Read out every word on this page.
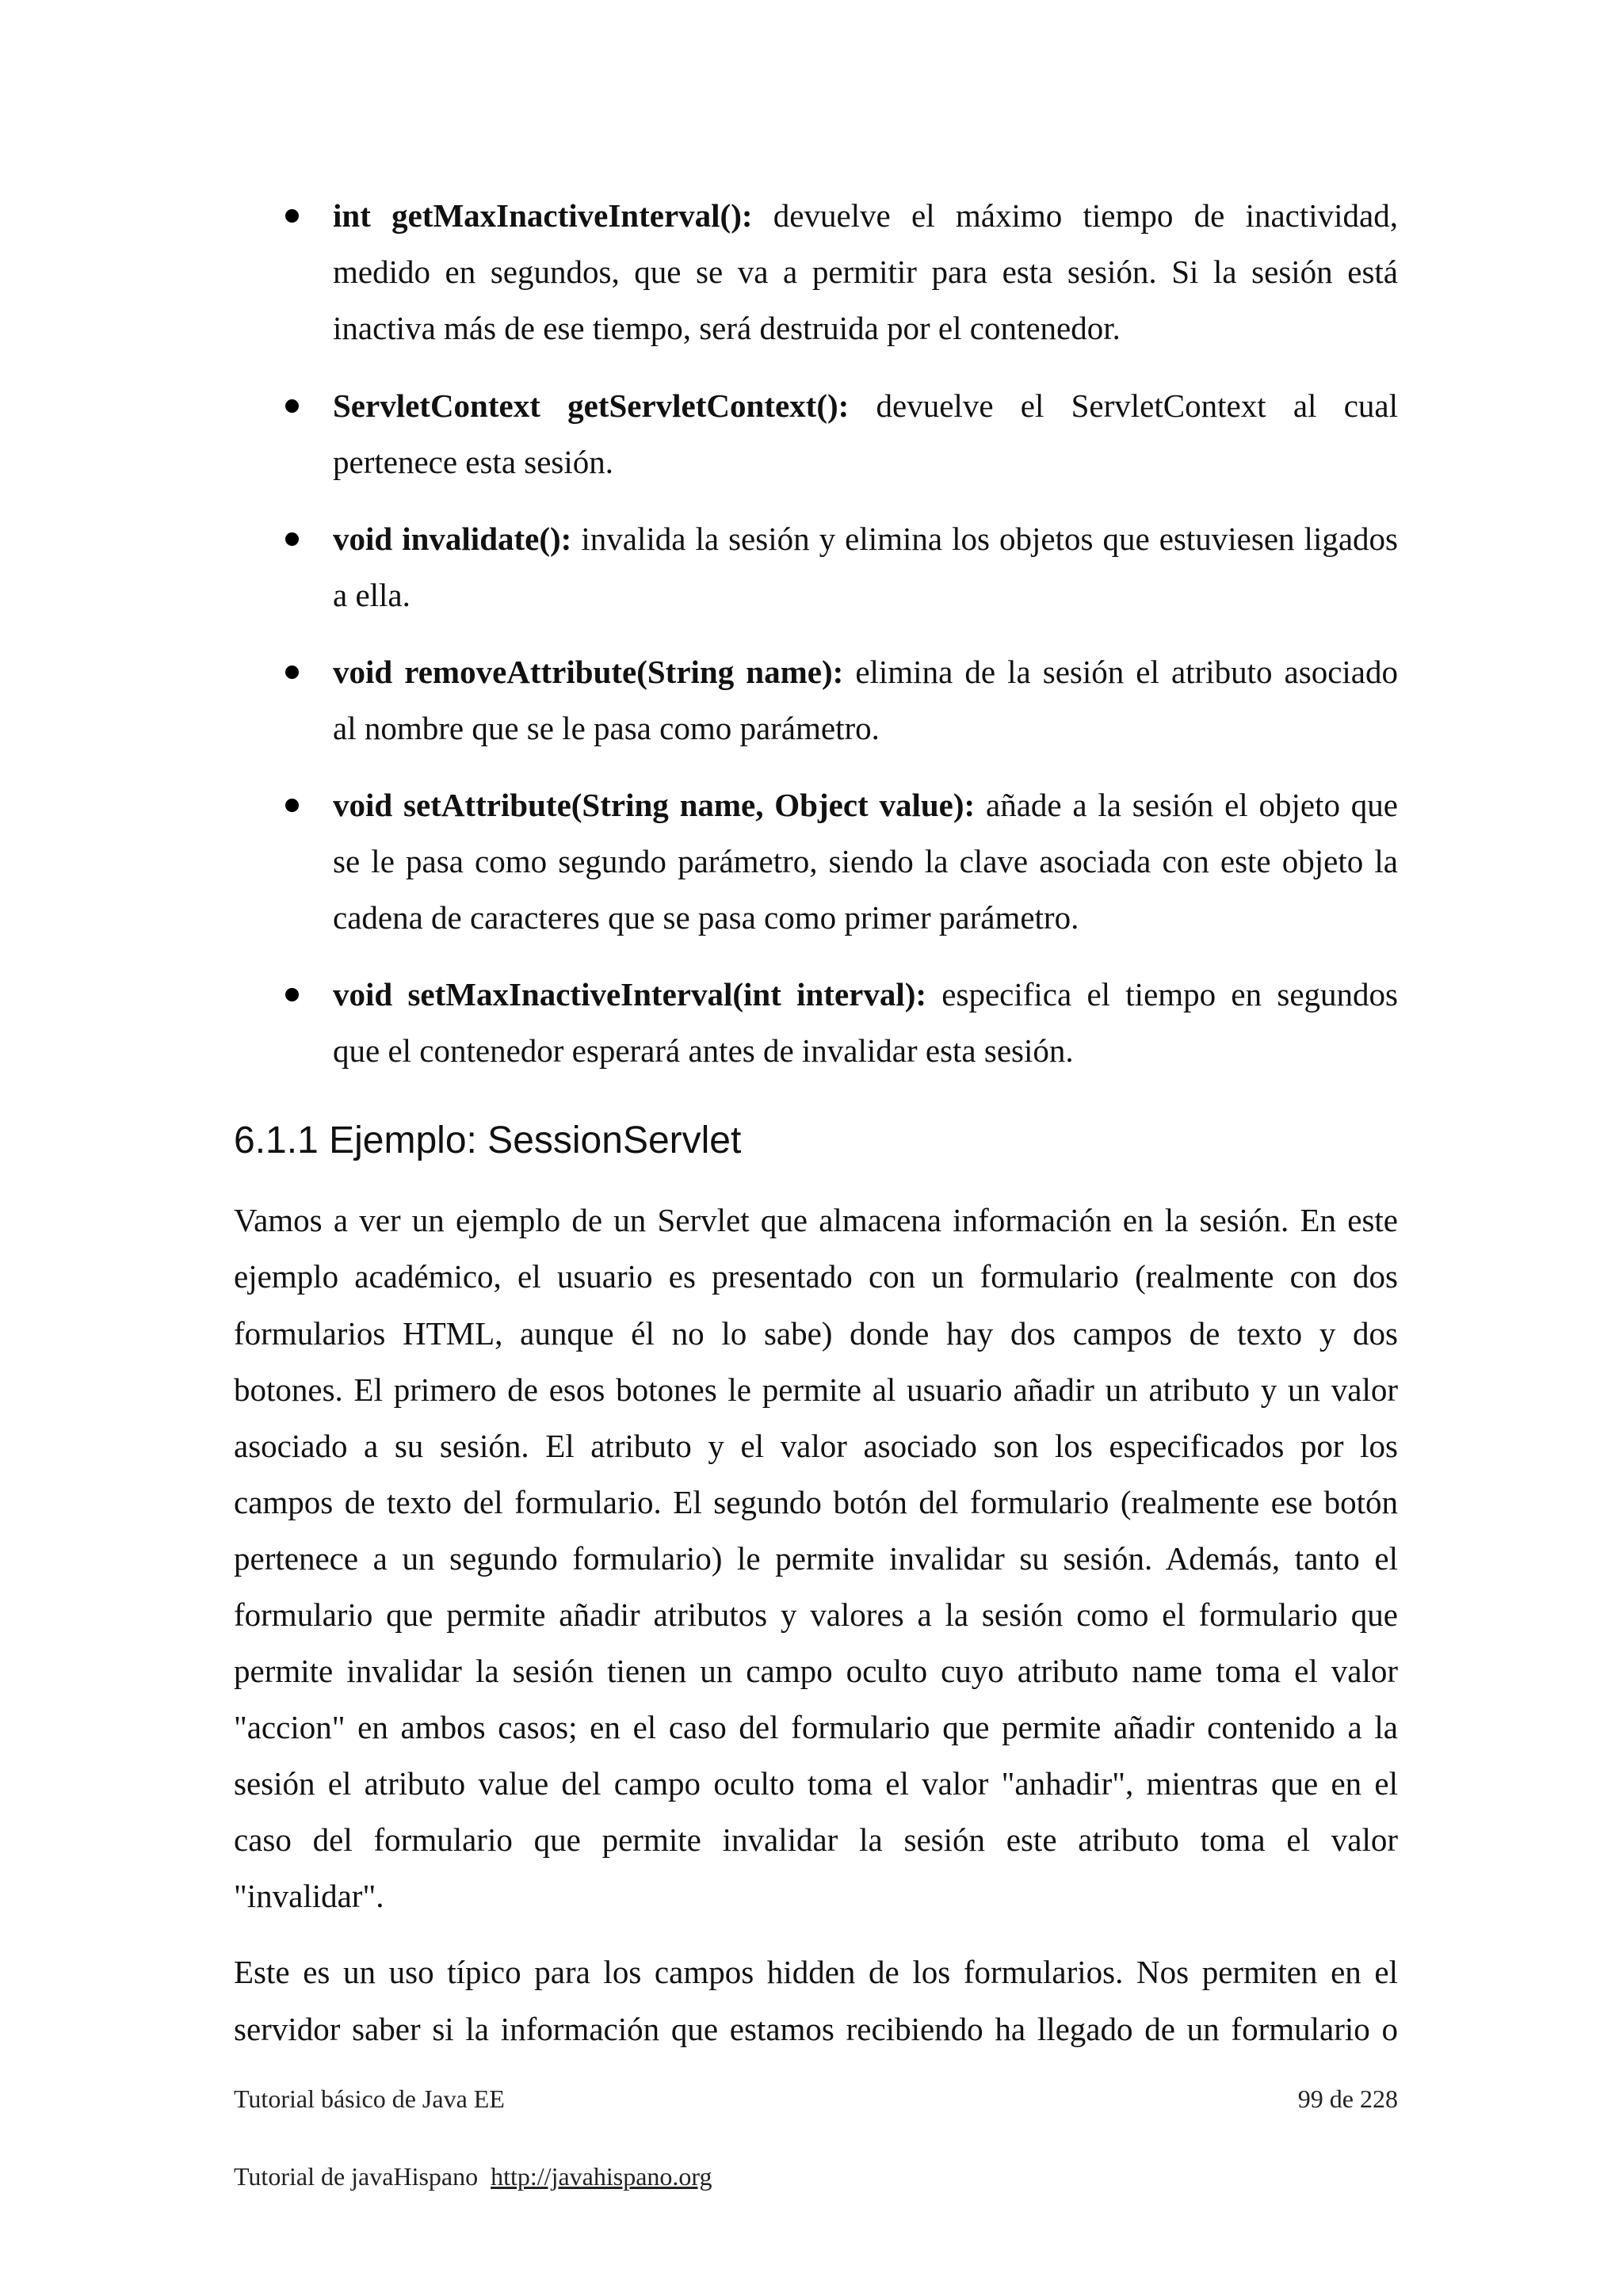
int getMaxInactiveInterval(): devuelve el máximo tiempo de inactividad,
medido en segundos, que se va a permitir para esta sesión. Si la sesión está
inactiva más de ese tiempo, será destruida por el contenedor.
ServletContext getServletContext(): devuelve el ServletContext al cual
pertenece esta sesión.
void invalidate(): invalida la sesión y elimina los objetos que estuviesen ligados
a ella.
void removeAttribute(String name): elimina de la sesión el atributo asociado
al nombre que se le pasa como parámetro.
void setAttribute(String name, Object value): añade a la sesión el objeto que
se le pasa como segundo parámetro, siendo la clave asociada con este objeto la
cadena de caracteres que se pasa como primer parámetro.
void setMaxInactiveInterval(int interval): especifica el tiempo en segundos
que el contenedor esperará antes de invalidar esta sesión.
6.1.1 Ejemplo: SessionServlet
Vamos a ver un ejemplo de un Servlet que almacena información en la sesión. En este
ejemplo académico, el usuario es presentado con un formulario (realmente con dos
formularios HTML, aunque él no lo sabe) donde hay dos campos de texto y dos
botones. El primero de esos botones le permite al usuario añadir un atributo y un valor
asociado a su sesión. El atributo y el valor asociado son los especificados por los
campos de texto del formulario. El segundo botón del formulario (realmente ese botón
pertenece a un segundo formulario) le permite invalidar su sesión. Además, tanto el
formulario que permite añadir atributos y valores a la sesión como el formulario que
permite invalidar la sesión tienen un campo oculto cuyo atributo name toma el valor
"accion" en ambos casos; en el caso del formulario que permite añadir contenido a la
sesión el atributo value del campo oculto toma el valor "anhadir", mientras que en el
caso del formulario que permite invalidar la sesión este atributo toma el valor
"invalidar".
Este es un uso típico para los campos hidden de los formularios. Nos permiten en el
servidor saber si la información que estamos recibiendo ha llegado de un formulario o
Tutorial básico de Java EE	99 de 228
Tutorial de javaHispano http://javahispano.org
